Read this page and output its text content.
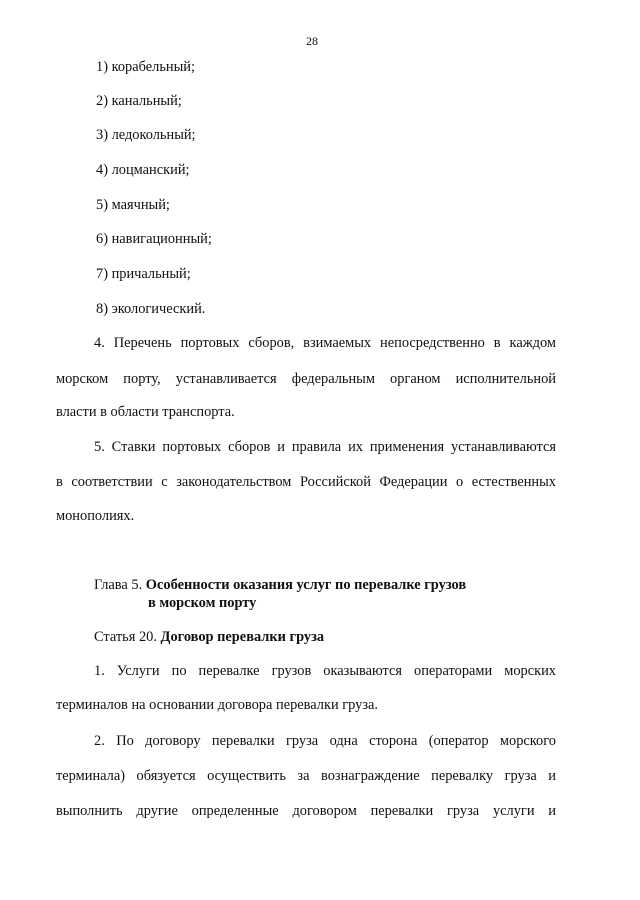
28
1) корабельный;
2) канальный;
3) ледокольный;
4) лоцманский;
5) маячный;
6) навигационный;
7) причальный;
8) экологический.
4. Перечень портовых сборов, взимаемых непосредственно в каждом
морском порту, устанавливается федеральным органом исполнительной
власти в области транспорта.
5. Ставки портовых сборов и правила их применения устанавливаются
в соответствии с законодательством Российской Федерации о естественных
монополиях.
Глава 5. Особенности оказания услуг по перевалке грузов
в морском порту
Статья 20. Договор перевалки груза
1. Услуги по перевалке грузов оказываются операторами морских
терминалов на основании договора перевалки груза.
2. По договору перевалки груза одна сторона (оператор морского
терминала) обязуется осуществить за вознаграждение перевалку груза и
выполнить другие определенные договором перевалки груза услуги и
